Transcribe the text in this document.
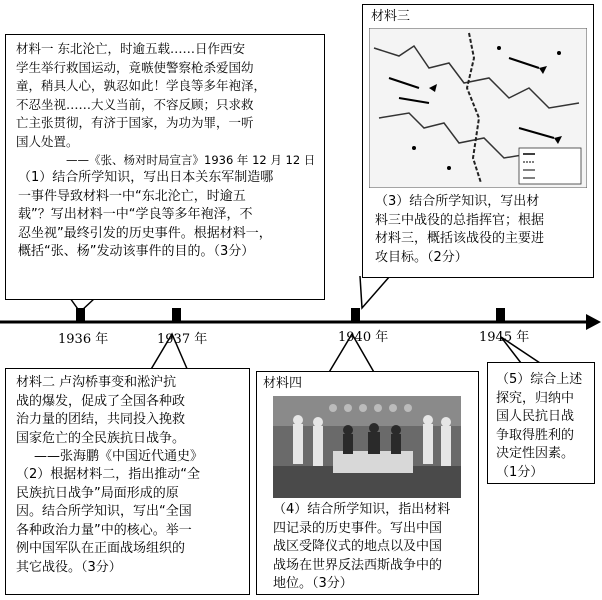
1936 年	1937 年	1940 年	1945 年
材料一 东北沦亡，时逾五载……日作西安
学生举行救国运动，竟嗾使警察枪杀爱国幼
童，稍具人心，孰忍如此！学良等多年袍泽，
不忍坐视……大义当前，不容反顾；只求救
亡主张贯彻，有济于国家，为功为罪，一听
国人处置。
——《张、杨对时局宣言》1936 年 12 月 12 日
（1）结合所学知识，写出日本关东军制造哪
一事件导致材料一中“东北沦亡，时逾五
载”？写出材料一中“学良等多年袍泽，不
忍坐视”最终引发的历史事件。根据材料一，
概括“张、杨”发动该事件的目的。（3分）
材料三
（3）结合所学知识，写出材
料三中战役的总指挥官；根据
材料三，概括该战役的主要进
攻目标。（2分）
材料二 卢沟桥事变和淞沪抗
战的爆发，促成了全国各种政
治力量的团结，共同投入挽救
国家危亡的全民族抗日战争。
——张海鹏《中国近代通史》
（2）根据材料二，指出推动“全
民族抗日战争”局面形成的原
因。结合所学知识，写出“全国
各种政治力量”中的核心。举一
例中国军队在正面战场组织的
其它战役。（3分）
材料四
（4）结合所学知识，指出材料
四记录的历史事件。写出中国
战区受降仪式的地点以及中国
战场在世界反法西斯战争中的
地位。（3分）
（5）综合上述
探究，归纳中
国人民抗日战
争取得胜利的
决定性因素。
（1分）
